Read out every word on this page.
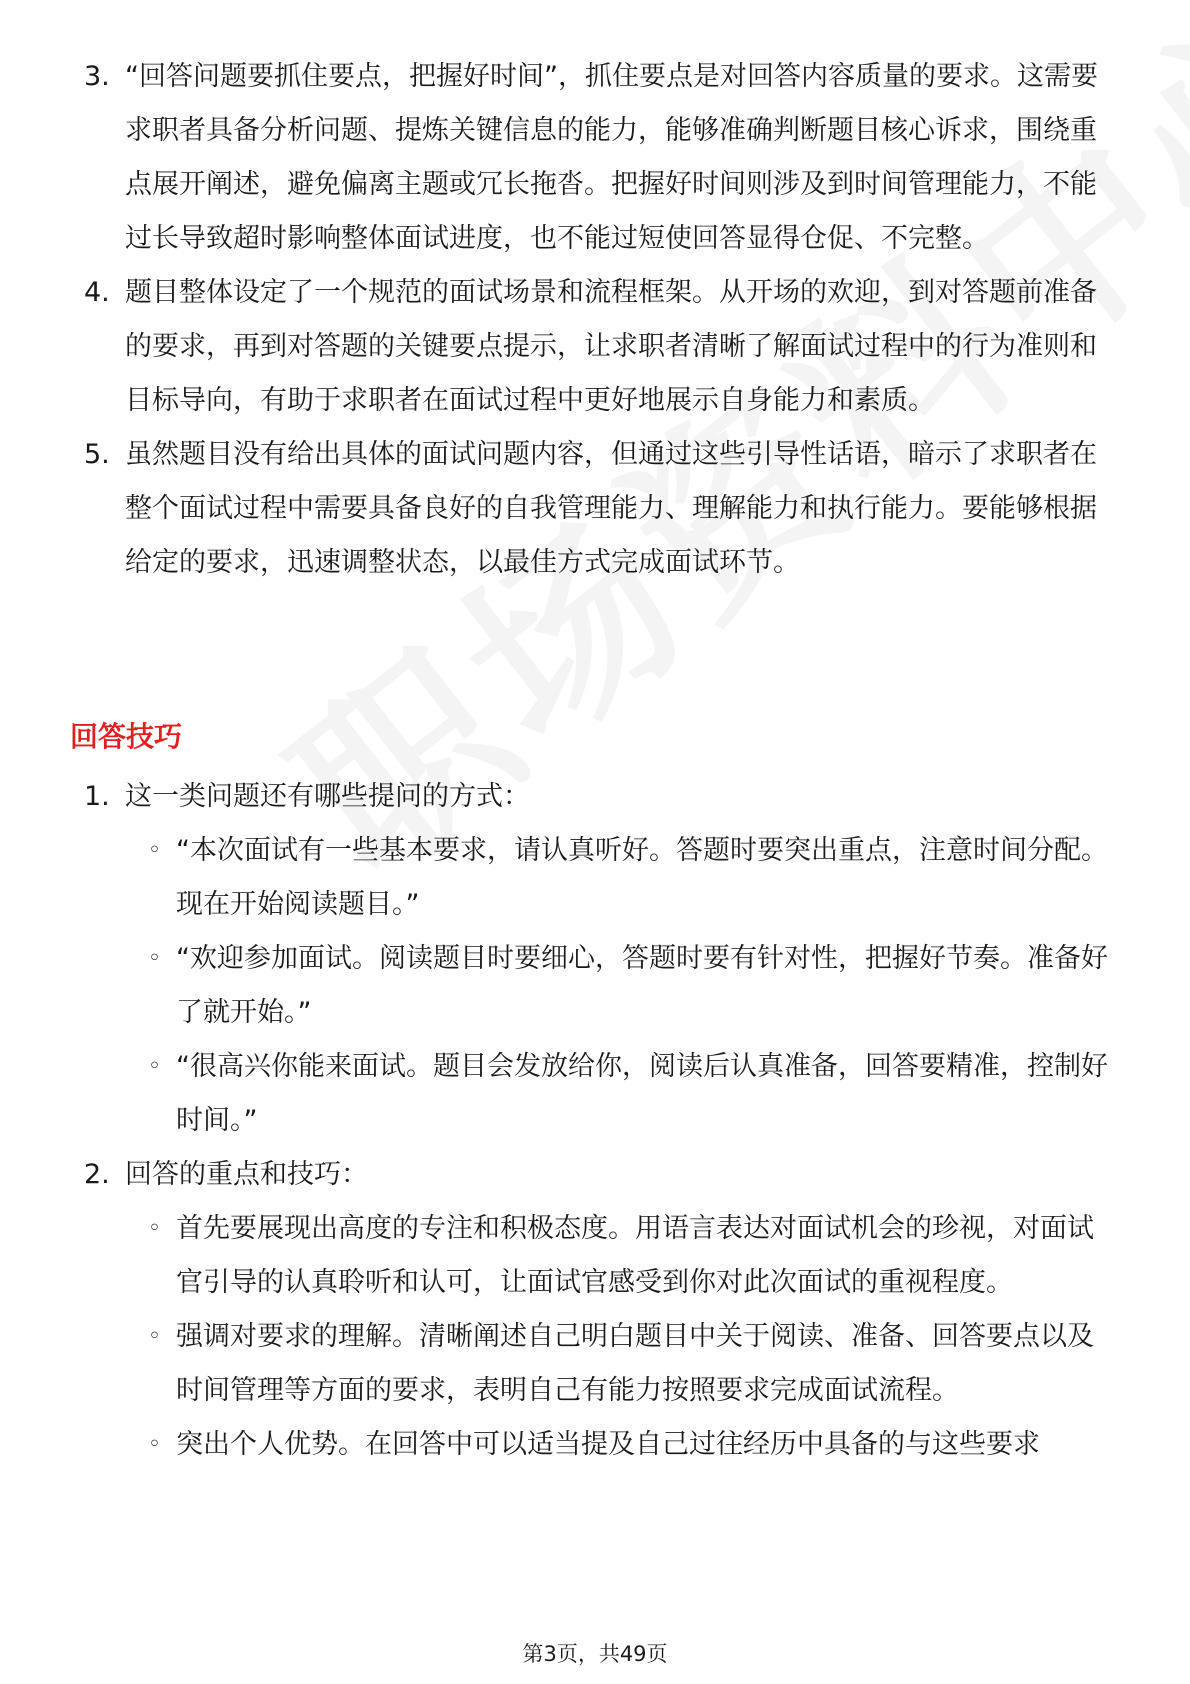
3. “回答问题要抓住要点，把握好时间”，抓住要点是对回答内容质量的要求。这需要求职者具备分析问题、提炼关键信息的能力，能够准确判断题目核心诉求，围绕重点展开阐述，避免偏离主题或冗长拖沓。把握好时间则涉及到时间管理能力，不能过长导致超时影响整体面试进度，也不能过短使回答显得仓促、不完整。
4. 题目整体设定了一个规范的面试场景和流程框架。从开场的欢迎，到对答题前准备的要求，再到对答题的关键要点提示，让求职者清晰了解面试过程中的行为准则和目标导向，有助于求职者在面试过程中更好地展示自身能力和素质。
5. 虽然题目没有给出具体的面试问题内容，但通过这些引导性话语，暗示了求职者在整个面试过程中需要具备良好的自我管理能力、理解能力和执行能力。要能够根据给定的要求，迅速调整状态，以最佳方式完成面试环节。
回答技巧
1. 这一类问题还有哪些提问的方式：
◦ “本次面试有一些基本要求，请认真听好。答题时要突出重点，注意时间分配。现在开始阅读题目。”
◦ “欢迎参加面试。阅读题目时要细心，答题时要有针对性，把握好节奏。准备好了就开始。”
◦ “很高兴你能来面试。题目会发放给你，阅读后认真准备，回答要精准，控制好时间。”
2. 回答的重点和技巧：
◦ 首先要展现出高度的专注和积极态度。用语言表达对面试机会的珍视，对面试官引导的认真聆听和认可，让面试官感受到你对此次面试的重视程度。
◦ 强调对要求的理解。清晰阐述自己明白题目中关于阅读、准备、回答要点以及时间管理等方面的要求，表明自己有能力按照要求完成面试流程。
◦ 突出个人优势。在回答中可以适当提及自己过往经历中具备的与这些要求
第3页，共49页
